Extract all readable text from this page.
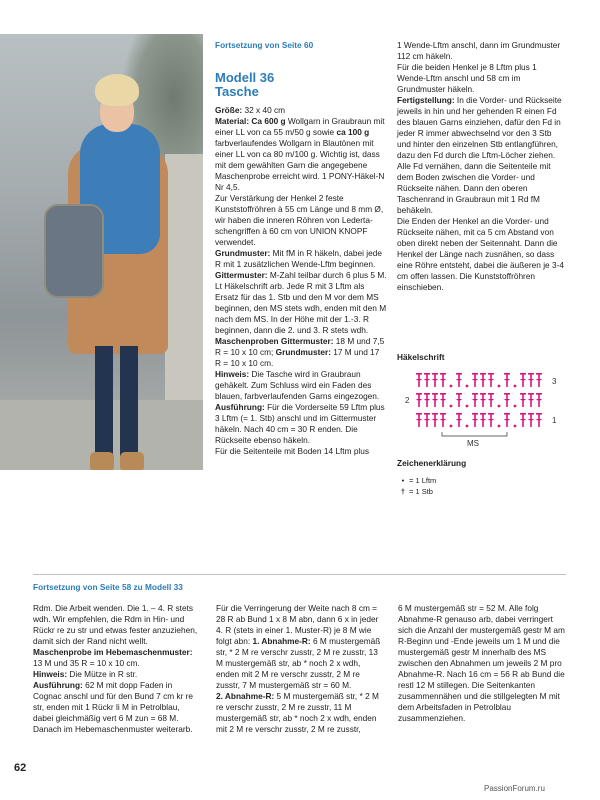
Fortsetzung von Seite 60

Modell 36

Tasche

Größe: 32 x 40 cm

Material: Ca 600 g Wollgarn in Graubraun mit einer LL von ca 55 m/50 g sowie ca 100 g farbverlaufendes Wollgarn in Blautönen mit einer LL von ca 80 m/100 g. Wichtig ist, dass mit dem gewählten Garn die angegebene Maschenprobe erreicht wird. 1 PONY-Häkel-N Nr 4,5.

Zur Verstärkung der Henkel 2 feste Kunststoffröhren à 55 cm Länge und 8 mm Ø, wir haben die inneren Röhren von Lederta-schengriffen à 60 cm von UNION KNOPF verwendet.

Grundmuster: Mit fM in R häkeln, dabei jede R mit 1 zusätzlichen Wende-Lftm beginnen.

Gittermuster: M-Zahl teilbar durch 6 plus 5 M. Lt Häkelschrift arb. Jede R mit 3 Lftm als Ersatz für das 1. Stb und den M vor dem MS beginnen, den MS stets wdh, enden mit den M nach dem MS. In der Höhe mit der 1.-3. R beginnen, dann die 2. und 3. R stets wdh.

Maschenproben Gittermuster: 18 M und 7,5 R = 10 x 10 cm; Grundmuster: 17 M und 17 R = 10 x 10 cm.

Hinweis: Die Tasche wird in Graubraun gehäkelt. Zum Schluss wird ein Faden des blauen, farbverlaufenden Garns eingezogen.

Ausführung: Für die Vorderseite 59 Lftm plus 3 Lftm (= 1. Stb) anschl und im Gittermuster häkeln. Nach 40 cm = 30 R enden. Die Rückseite ebenso häkeln.

Für die Seitenteile mit Boden 14 Lftm plus

1 Wende-Lftm anschl, dann im Grundmuster 112 cm häkeln.

Für die beiden Henkel je 8 Lftm plus 1 Wende-Lftm anschl und 58 cm im Grundmuster häkeln.

Fertigstellung: In die Vorder- und Rückseite jeweils in hin und her gehenden R einen Fd des blauen Garns einziehen, dafür den Fd in jeder R immer abwechselnd vor den 3 Stb und hinter den einzelnen Stb entlangführen, dazu den Fd durch die Lftm-Löcher ziehen.

Alle Fd vernähen, dann die Seitenteile mit dem Boden zwischen die Vorder- und Rückseite nähen. Dann den oberen Taschenrand in Graubraun mit 1 Rd fM behäkeln.

Die Enden der Henkel an die Vorder- und Rückseite nähen, mit ca 5 cm Abstand von oben direkt neben der Seitennaht. Dann die Henkel der Länge nach zusnähen, so dass eine Röhre entsteht, dabei die äußeren je 3-4 cm offen lassen. Die Kunststoffröhren einschieben.

Häkelschrift

3
2
1
MS

Zeichenerklärung

• = 1 Lftm

† = 1 Stb

Fortsetzung von Seite 58 zu Modell 33

Rdm. Die Arbeit wenden. Die 1. – 4. R stets wdh. Wir empfehlen, die Rdm in Hin- und Rückr re zu str und etwas fester anzuziehen, damit sich der Rand nicht wellt.

Maschenprobe im Hebemaschenmuster: 13 M und 35 R = 10 x 10 cm.

Hinweis: Die Mütze in R str.

Ausführung: 62 M mit dopp Faden in Cognac anschl und für den Bund 7 cm kr re str, enden mit 1 Rückr li M in Petrolblau, dabei gleichmäßig vert 6 M zun = 68 M. Danach im Hebemaschenmuster weiterarb.

Für die Verringerung der Weite nach 8 cm = 28 R ab Bund 1 x 8 M abn, dann 6 x in jeder 4. R (stets in einer 1. Muster-R) je 8 M wie folgt abn: 1. Abnahme-R: 6 M mustergemäß str, * 2 M re verschr zusstr, 2 M re zusstr, 13 M mustergemäß str, ab * noch 2 x wdh, enden mit 2 M re verschr zusstr, 2 M re zusstr, 7 M mustergemäß str = 60 M.

2. Abnahme-R: 5 M mustergemäß str, * 2 M re verschr zusstr, 2 M re zusstr, 11 M mustergemäß str, ab * noch 2 x wdh, enden mit 2 M re verschr zusstr, 2 M re zusstr,

6 M mustergemäß str = 52 M. Alle folg Abnahme-R genauso arb, dabei verringert sich die Anzahl der mustergemäß gestr M am R-Beginn und -Ende jeweils um 1 M und die mustergemäß gestr M innerhalb des MS zwischen den Abnahmen um jeweils 2 M pro Abnahme-R. Nach 16 cm = 56 R ab Bund die restl 12 M stillegen. Die Seitenkanten zusammennähen und die stillgelegten M mit dem Arbeitsfaden in Petrolblau zusammenziehen.

62
PassionForum.ru
